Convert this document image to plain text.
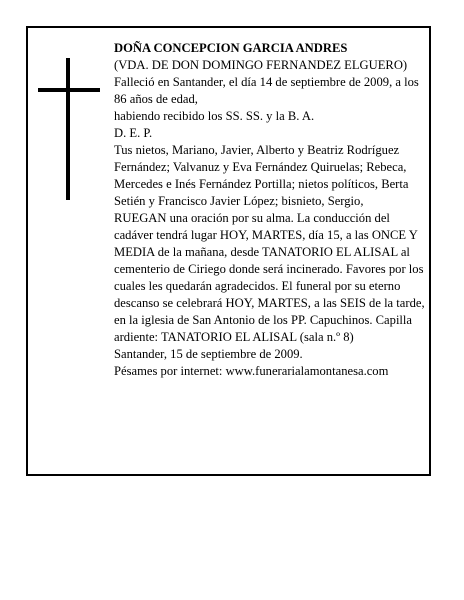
DOÑA CONCEPCION GARCIA ANDRES

(VDA. DE DON DOMINGO FERNANDEZ ELGUERO)

Falleció en Santander, el día 14 de septiembre de 2009, a los 86 años de edad,

habiendo recibido los SS. SS. y la B. A.

D. E. P.

Tus nietos, Mariano, Javier, Alberto y Beatriz Rodríguez Fernández; Valvanuz y Eva Fernández Quiruelas; Rebeca, Mercedes e Inés Fernández Portilla; nietos políticos, Berta Setién y Francisco Javier López; bisnieto, Sergio,

RUEGAN una oración por su alma. La conducción del cadáver tendrá lugar HOY, MARTES, día 15, a las ONCE Y MEDIA de la mañana, desde TANATORIO EL ALISAL al cementerio de Ciriego donde será incinerado. Favores por los cuales les quedarán agradecidos. El funeral por su eterno descanso se celebrará HOY, MARTES, a las SEIS de la tarde, en la iglesia de San Antonio de los PP. Capuchinos. Capilla ardiente: TANATORIO EL ALISAL (sala n.º 8)

Santander, 15 de septiembre de 2009.

Pésames por internet: www.funerarialamontanesa.com
